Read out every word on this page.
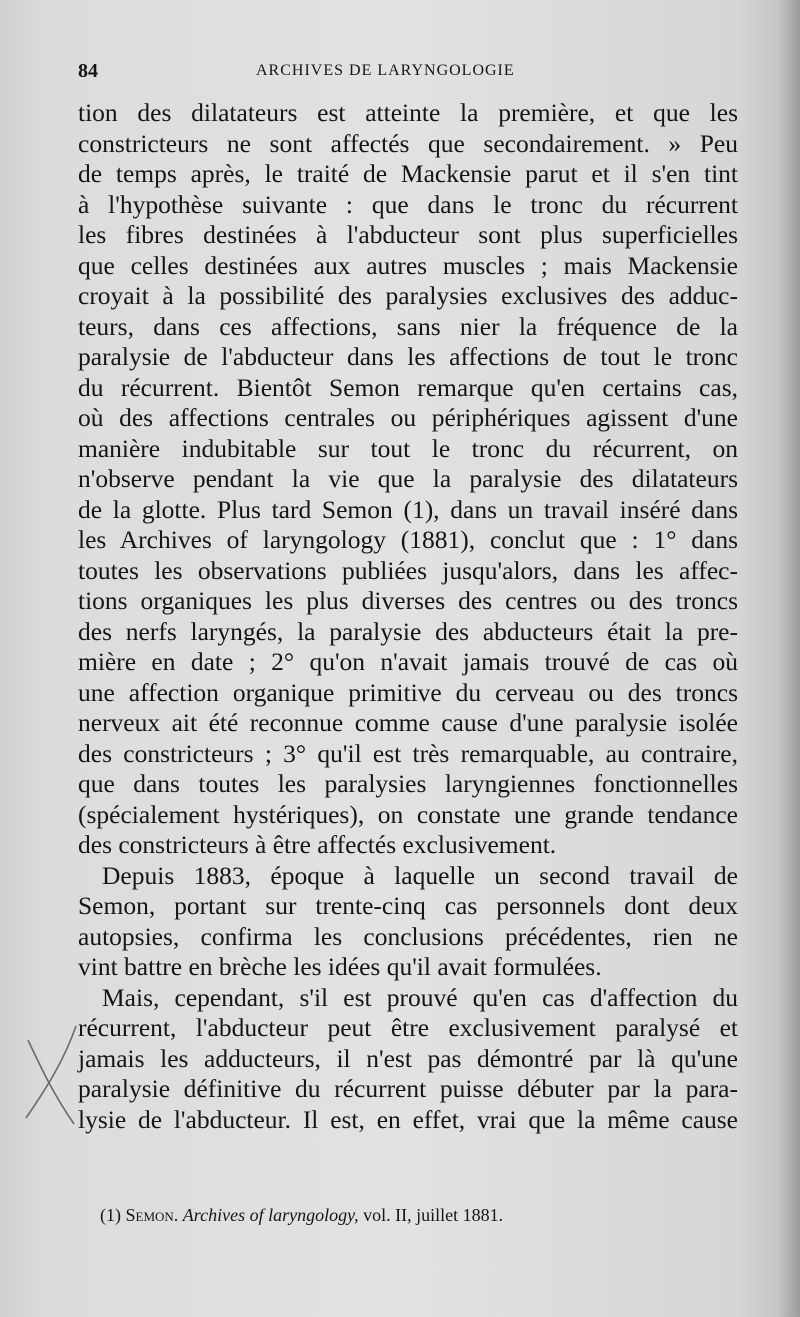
84	ARCHIVES DE LARYNGOLOGIE
tion des dilatateurs est atteinte la première, et que les
constricteurs ne sont affectés que secondairement. » Peu
de temps après, le traité de Mackensie parut et il s'en tint
à l'hypothèse suivante : que dans le tronc du récurrent
les fibres destinées à l'abducteur sont plus superficielles
que celles destinées aux autres muscles ; mais Mackensie
croyait à la possibilité des paralysies exclusives des adduc-
teurs, dans ces affections, sans nier la fréquence de la
paralysie de l'abducteur dans les affections de tout le tronc
du récurrent. Bientôt Semon remarque qu'en certains cas,
où des affections centrales ou périphériques agissent d'une
manière indubitable sur tout le tronc du récurrent, on
n'observe pendant la vie que la paralysie des dilatateurs
de la glotte. Plus tard Semon (1), dans un travail inséré dans
les Archives of laryngology (1881), conclut que : 1° dans
toutes les observations publiées jusqu'alors, dans les affec-
tions organiques les plus diverses des centres ou des troncs
des nerfs laryngés, la paralysie des abducteurs était la pre-
mière en date ; 2° qu'on n'avait jamais trouvé de cas où
une affection organique primitive du cerveau ou des troncs
nerveux ait été reconnue comme cause d'une paralysie isolée
des constricteurs ; 3° qu'il est très remarquable, au contraire,
que dans toutes les paralysies laryngiennes fonctionnelles
(spécialement hystériques), on constate une grande tendance
des constricteurs à être affectés exclusivement.
Depuis 1883, époque à laquelle un second travail de
Semon, portant sur trente-cinq cas personnels dont deux
autopsies, confirma les conclusions précédentes, rien ne
vint battre en brèche les idées qu'il avait formulées.
Mais, cependant, s'il est prouvé qu'en cas d'affection du
récurrent, l'abducteur peut être exclusivement paralysé et
jamais les adducteurs, il n'est pas démontré par là qu'une
paralysie définitive du récurrent puisse débuter par la para-
lysie de l'abducteur. Il est, en effet, vrai que la même cause
(1) Semon. Archives of laryngology, vol. II, juillet 1881.
